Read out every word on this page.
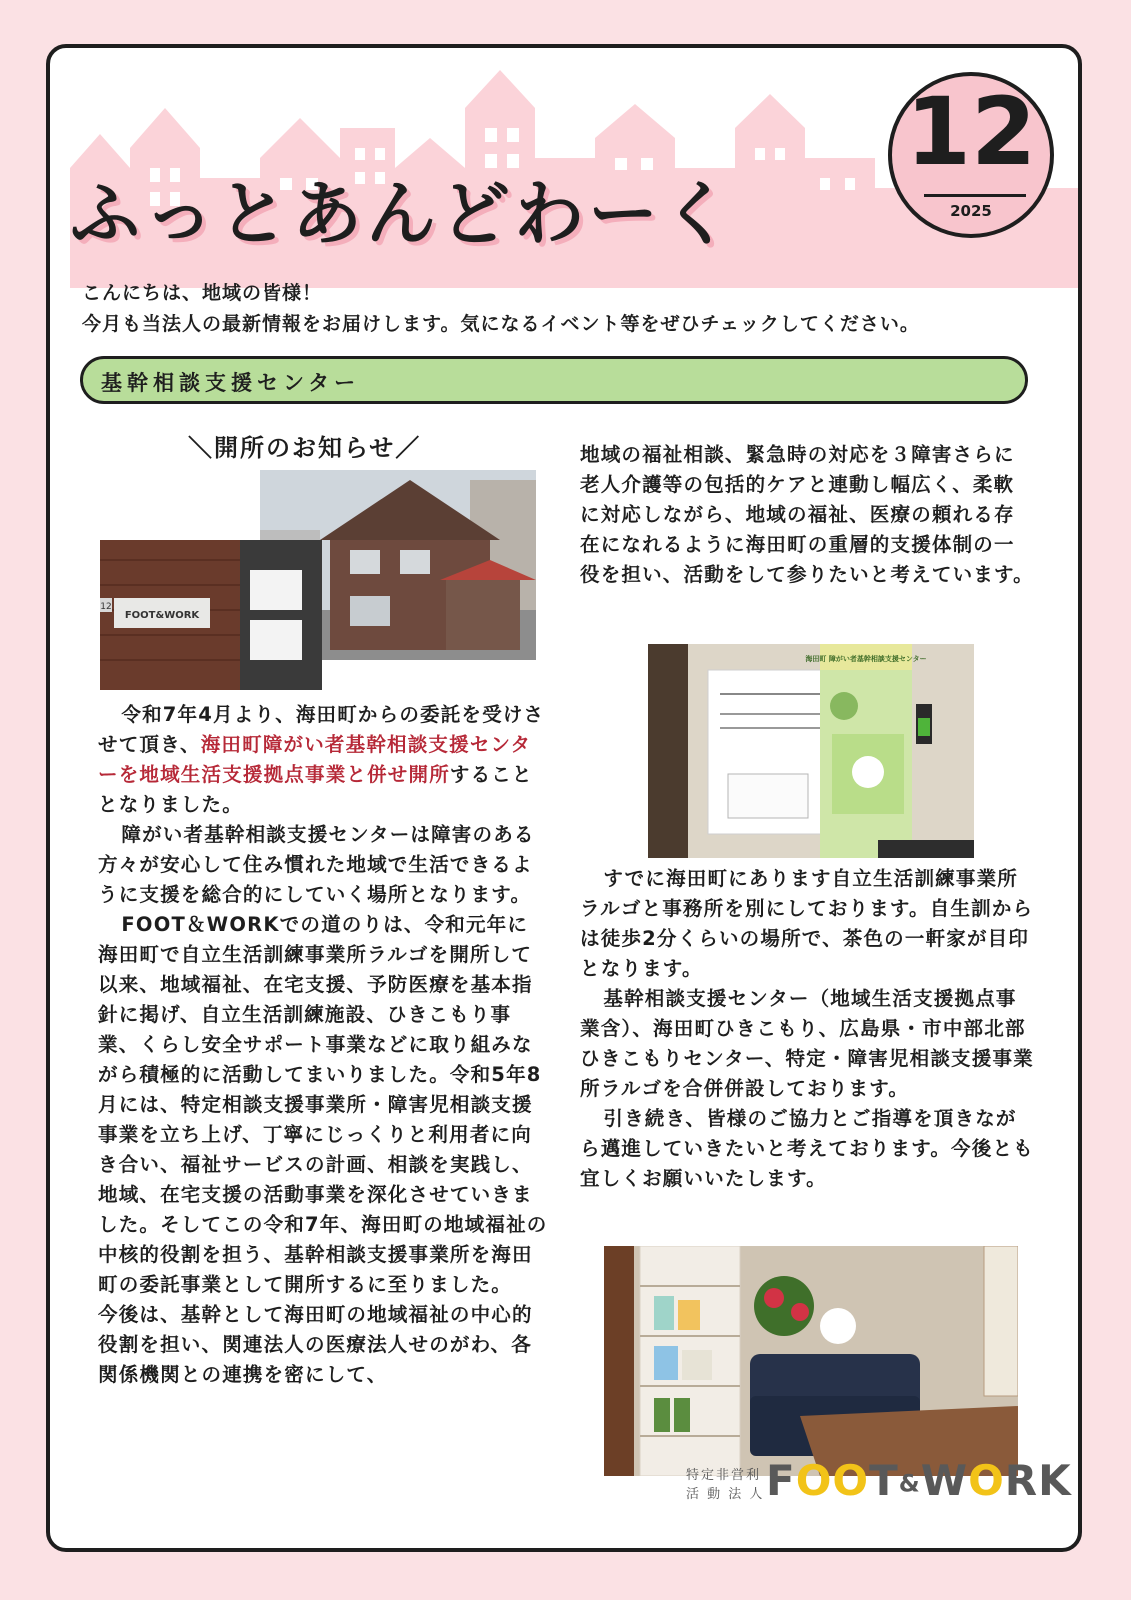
ふっとあんどわーく
12
2025
こんにちは、地域の皆様！
今月も当法人の最新情報をお届けします。気になるイベント等をぜひチェックしてください。
基幹相談支援センター
＼開所のお知らせ／
FOOT&WORK
12

令和7年4月より、海田町からの委託を受けさせて頂き、海田町障がい者基幹相談支援センターを地域生活支援拠点事業と併せ開所することとなりました。

障がい者基幹相談支援センターは障害のある方々が安心して住み慣れた地域で生活できるように支援を総合的にしていく場所となります。

FOOT＆WORKでの道のりは、令和元年に海田町で自立生活訓練事業所ラルゴを開所して以来、地域福祉、在宅支援、予防医療を基本指針に掲げ、自立生活訓練施設、ひきこもり事業、くらし安全サポート事業などに取り組みながら積極的に活動してまいりました。令和5年8月には、特定相談支援事業所・障害児相談支援事業を立ち上げ、丁寧にじっくりと利用者に向き合い、福祉サービスの計画、相談を実践し、地域、在宅支援の活動事業を深化させていきました。そしてこの令和7年、海田町の地域福祉の中核的役割を担う、基幹相談支援事業所を海田町の委託事業として開所するに至りました。

今後は、基幹として海田町の地域福祉の中心的役割を担い、関連法人の医療法人せのがわ、各関係機関との連携を密にして、

地域の福祉相談、緊急時の対応を３障害さらに老人介護等の包括的ケアと連動し幅広く、柔軟に対応しながら、地域の福祉、医療の頼れる存在になれるように海田町の重層的支援体制の一役を担い、活動をして参りたいと考えています。

海田町 障がい者基幹相談支援センター

すでに海田町にあります自立生活訓練事業所ラルゴと事務所を別にしております。自生訓からは徒歩2分くらいの場所で、茶色の一軒家が目印となります。

基幹相談支援センター（地域生活支援拠点事業含）、海田町ひきこもり、広島県・市中部北部ひきこもりセンター、特定・障害児相談支援事業所ラルゴを合併併設しております。

引き続き、皆様のご協力とご指導を頂きながら邁進していきたいと考えております。今後とも宜しくお願いいたします。

特定非営利
活 動 法 人 FOOT&WORK
